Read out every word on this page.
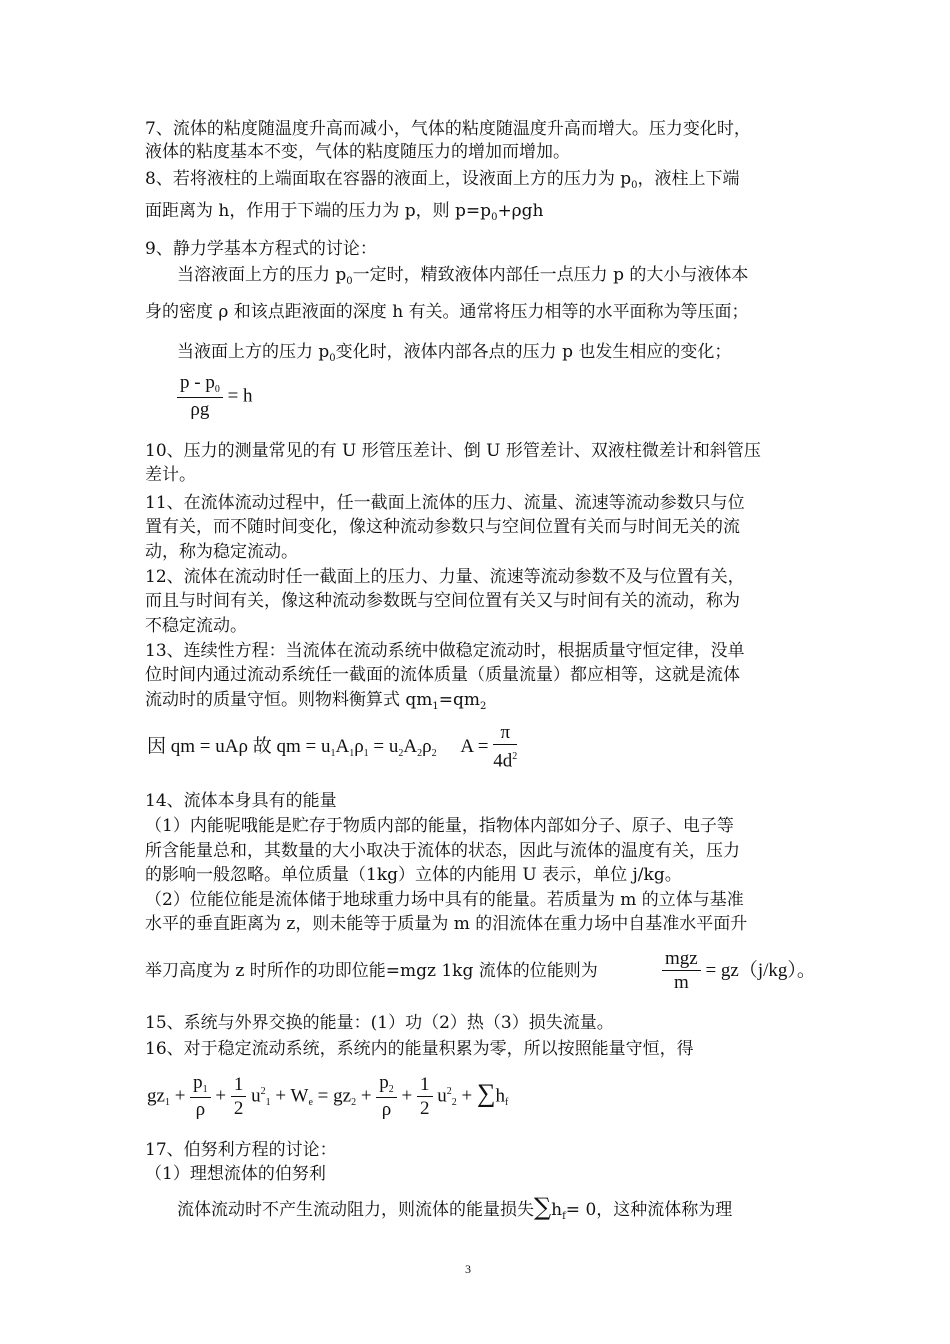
7、流体的粘度随温度升高而减小，气体的粘度随温度升高而增大。压力变化时，
液体的粘度基本不变，气体的粘度随压力的增加而增加。
8、若将液柱的上端面取在容器的液面上，设液面上方的压力为 $p_0$，液柱上下端
面距离为 h，作用于下端的压力为 p，则 $p=p_0+\rho gh$
9、静力学基本方程式的讨论：
当溶液面上方的压力 $p_0$一定时，精致液体内部任一点压力 p 的大小与液体本
身的密度 ρ 和该点距液面的深度 h 有关。通常将压力相等的水平面称为等压面；
当液面上方的压力 $p_0$变化时，液体内部各点的压力 p 也发生相应的变化；
$\frac{p - p_0}{\rho g} = h$
10、压力的测量常见的有 U 形管压差计、倒 U 形管差计、双液柱微差计和斜管压
差计。
11、在流体流动过程中，任一截面上流体的压力、流量、流速等流动参数只与位
置有关，而不随时间变化，像这种流动参数只与空间位置有关而与时间无关的流
动，称为稳定流动。
12、流体在流动时任一截面上的压力、力量、流速等流动参数不及与位置有关，
而且与时间有关，像这种流动参数既与空间位置有关又与时间有关的流动，称为
不稳定流动。
13、连续性方程：当流体在流动系统中做稳定流动时，根据质量守恒定律，没单
位时间内通过流动系统任一截面的流体质量（质量流量）都应相等，这就是流体
流动时的质量守恒。则物料衡算式 $qm_1=qm_2$
因 qm = uAρ 故 qm = $u_1A_1\rho_1 = u_2A_2\rho_2$ $A = \frac{\pi}{4d^2}$
14、流体本身具有的能量
（1）内能呢哦能是贮存于物质内部的能量，指物体内部如分子、原子、电子等
所含能量总和，其数量的大小取决于流体的状态，因此与流体的温度有关，压力
的影响一般忽略。单位质量（1kg）立体的内能用 U 表示，单位 j/kg。
（2）位能位能是流体储于地球重力场中具有的能量。若质量为 m 的立体与基准
水平的垂直距离为 z，则未能等于质量为 m 的泪流体在重力场中自基准水平面升
举刀高度为 z 时所作的功即位能=mgz 1kg 流体的位能则为	$\frac{\text{mgz}}{m} = gz(j/kg)$。
15、系统与外界交换的能量：(1）功（2）热（3）损失流量。
16、对于稳定流动系统，系统内的能量积累为零，所以按照能量守恒，得
$gz_1 + \frac{p_1}{\rho} + \frac{1}{2} u^2_1 + W_e = gz_2 + \frac{p_2}{\rho} + \frac{1}{2} u^2_2 + \sum h_f$
17、伯努利方程的讨论：
（1）理想流体的伯努利
流体流动时不产生流动阻力，则流体的能量损失$\sum h_f= 0$，这种流体称为理
3
